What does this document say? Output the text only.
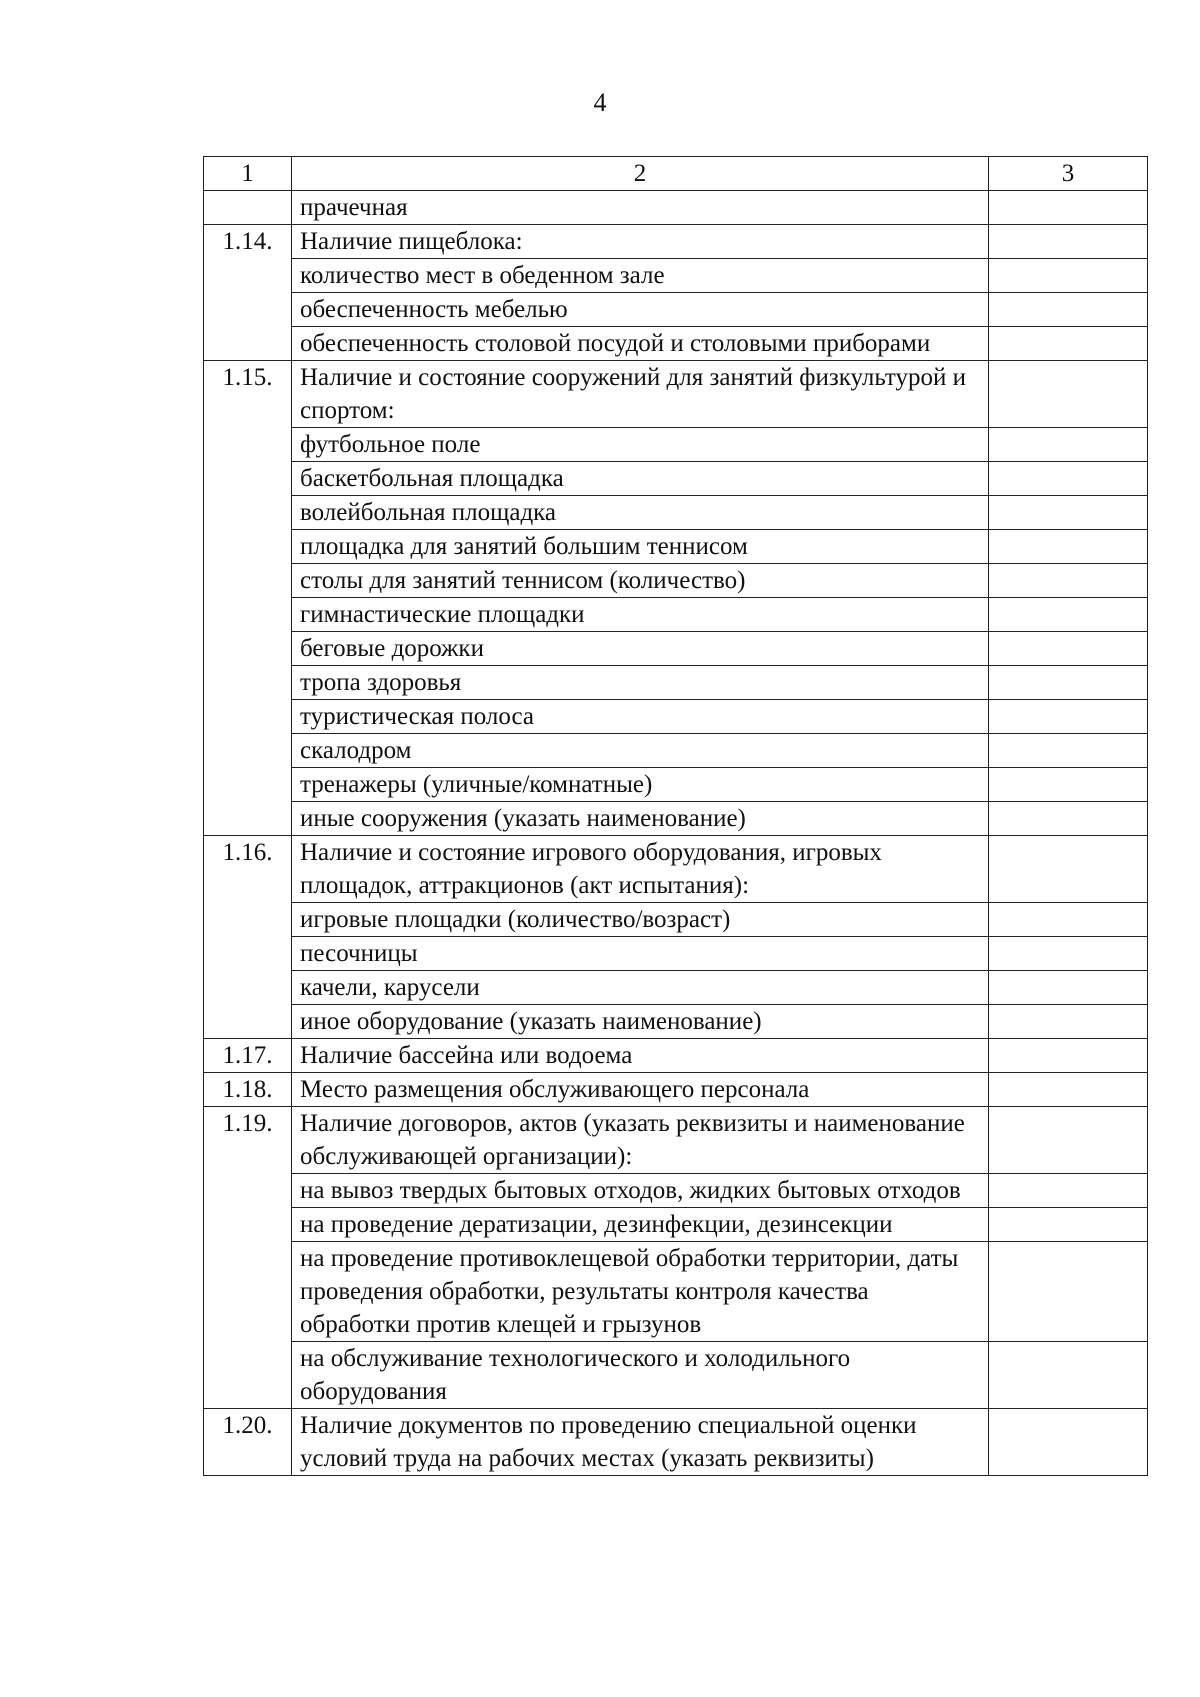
4
1	2	3
	прачечная	
1.14.	Наличие пищеблока:	
	количество мест в обеденном зале	
	обеспеченность мебелью	
	обеспеченность столовой посудой и столовыми приборами	
1.15.	Наличие и состояние сооружений для занятий физкультурой и спортом:	
	футбольное поле	
	баскетбольная площадка	
	волейбольная площадка	
	площадка для занятий большим теннисом	
	столы для занятий теннисом (количество)	
	гимнастические площадки	
	беговые дорожки	
	тропа здоровья	
	туристическая полоса	
	скалодром	
	тренажеры (уличные/комнатные)	
	иные сооружения (указать наименование)	
1.16.	Наличие и состояние игрового оборудования, игровых площадок, аттракционов (акт испытания):	
	игровые площадки (количество/возраст)	
	песочницы	
	качели, карусели	
	иное оборудование (указать наименование)	
1.17.	Наличие бассейна или водоема	
1.18.	Место размещения обслуживающего персонала	
1.19.	Наличие договоров, актов (указать реквизиты и наименование обслуживающей организации):	
	на вывоз твердых бытовых отходов, жидких бытовых отходов	
	на проведение дератизации, дезинфекции, дезинсекции	
	на проведение противоклещевой обработки территории, даты проведения обработки, результаты контроля качества обработки против клещей и грызунов	
	на обслуживание технологического и холодильного оборудования	
1.20.	Наличие документов по проведению специальной оценки условий труда на рабочих местах (указать реквизиты)	
